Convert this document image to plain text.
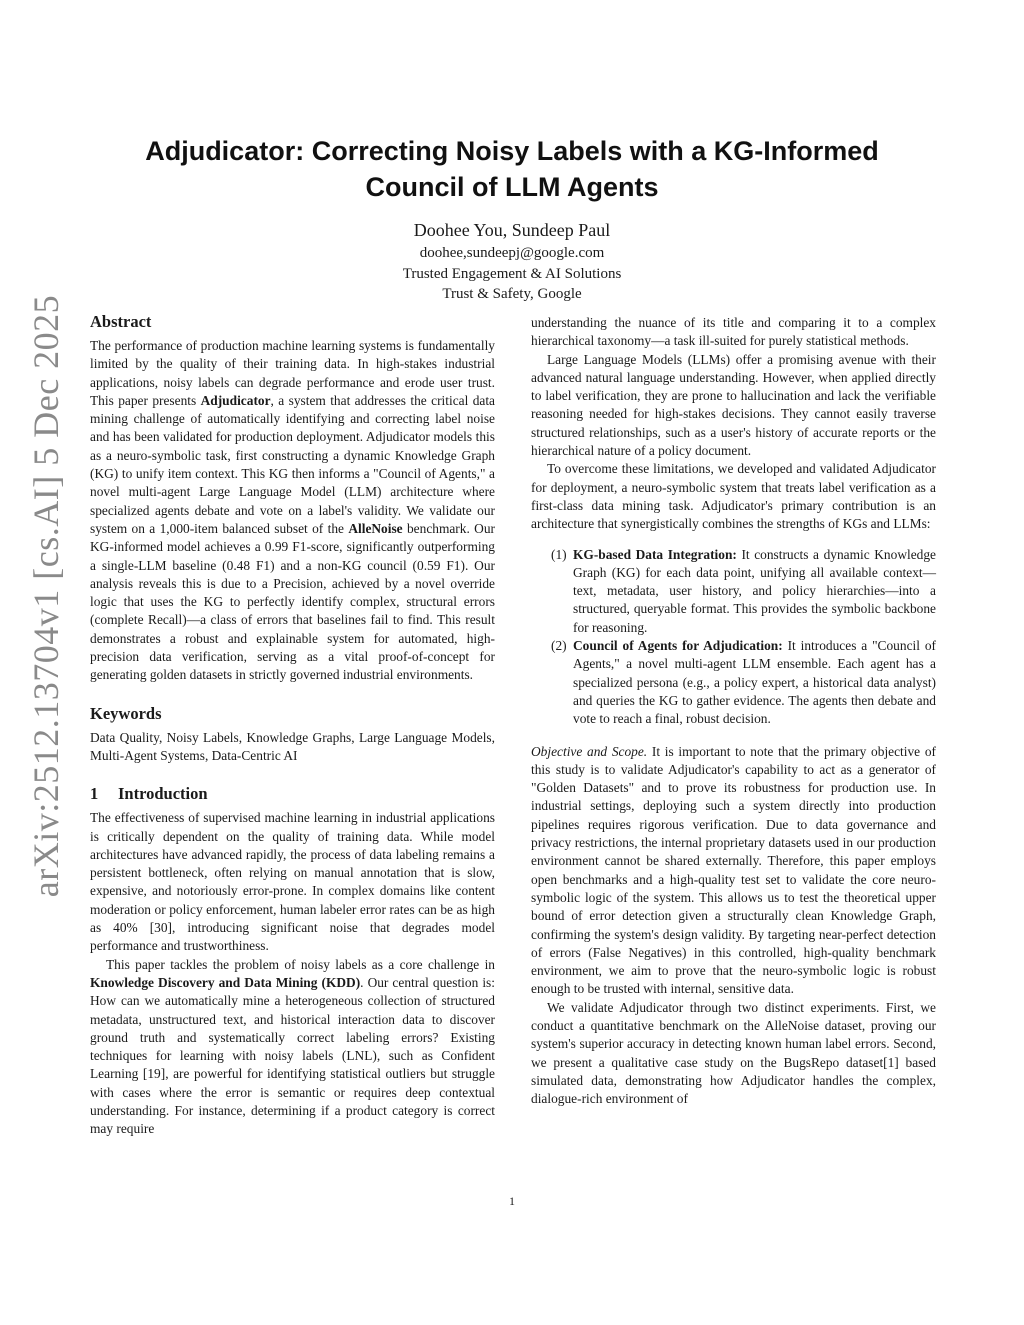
arXiv:2512.13704v1 [cs.AI] 5 Dec 2025
Adjudicator: Correcting Noisy Labels with a KG-Informed
Council of LLM Agents
Doohee You, Sundeep Paul
doohee,sundeepj@google.com
Trusted Engagement & AI Solutions
Trust & Safety, Google
Abstract

The performance of production machine learning systems is fundamentally limited by the quality of their training data. In high-stakes industrial applications, noisy labels can degrade performance and erode user trust. This paper presents Adjudicator, a system that addresses the critical data mining challenge of automatically identifying and correcting label noise and has been validated for production deployment. Adjudicator models this as a neuro-symbolic task, first constructing a dynamic Knowledge Graph (KG) to unify item context. This KG then informs a "Council of Agents," a novel multi-agent Large Language Model (LLM) architecture where specialized agents debate and vote on a label's validity. We validate our system on a 1,000-item balanced subset of the AlleNoise benchmark. Our KG-informed model achieves a 0.99 F1-score, significantly outperforming a single-LLM baseline (0.48 F1) and a non-KG council (0.59 F1). Our analysis reveals this is due to a Precision, achieved by a novel override logic that uses the KG to perfectly identify complex, structural errors (complete Recall)—a class of errors that baselines fail to find. This result demonstrates a robust and explainable system for automated, high-precision data verification, serving as a vital proof-of-concept for generating golden datasets in strictly governed industrial environments.

Keywords

Data Quality, Noisy Labels, Knowledge Graphs, Large Language Models, Multi-Agent Systems, Data-Centric AI

1 Introduction

The effectiveness of supervised machine learning in industrial applications is critically dependent on the quality of training data. While model architectures have advanced rapidly, the process of data labeling remains a persistent bottleneck, often relying on manual annotation that is slow, expensive, and notoriously error-prone. In complex domains like content moderation or policy enforcement, human labeler error rates can be as high as 40% [30], introducing significant noise that degrades model performance and trustworthiness.

This paper tackles the problem of noisy labels as a core challenge in Knowledge Discovery and Data Mining (KDD). Our central question is: How can we automatically mine a heterogeneous collection of structured metadata, unstructured text, and historical interaction data to discover ground truth and systematically correct labeling errors? Existing techniques for learning with noisy labels (LNL), such as Confident Learning [19], are powerful for identifying statistical outliers but struggle with cases where the error is semantic or requires deep contextual understanding. For instance, determining if a product category is correct may require

understanding the nuance of its title and comparing it to a complex hierarchical taxonomy—a task ill-suited for purely statistical methods.

Large Language Models (LLMs) offer a promising avenue with their advanced natural language understanding. However, when applied directly to label verification, they are prone to hallucination and lack the verifiable reasoning needed for high-stakes decisions. They cannot easily traverse structured relationships, such as a user's history of accurate reports or the hierarchical nature of a policy document.

To overcome these limitations, we developed and validated Adjudicator for deployment, a neuro-symbolic system that treats label verification as a first-class data mining task. Adjudicator's primary contribution is an architecture that synergistically combines the strengths of KGs and LLMs:

(1) KG-based Data Integration: It constructs a dynamic Knowledge Graph (KG) for each data point, unifying all available context—text, metadata, user history, and policy hierarchies—into a structured, queryable format. This provides the symbolic backbone for reasoning.
(2) Council of Agents for Adjudication: It introduces a "Council of Agents," a novel multi-agent LLM ensemble. Each agent has a specialized persona (e.g., a policy expert, a historical data analyst) and queries the KG to gather evidence. The agents then debate and vote to reach a final, robust decision.

Objective and Scope. It is important to note that the primary objective of this study is to validate Adjudicator's capability to act as a generator of "Golden Datasets" and to prove its robustness for production use. In industrial settings, deploying such a system directly into production pipelines requires rigorous verification. Due to data governance and privacy restrictions, the internal proprietary datasets used in our production environment cannot be shared externally. Therefore, this paper employs open benchmarks and a high-quality test set to validate the core neuro-symbolic logic of the system. This allows us to test the theoretical upper bound of error detection given a structurally clean Knowledge Graph, confirming the system's design validity. By targeting near-perfect detection of errors (False Negatives) in this controlled, high-quality benchmark environment, we aim to prove that the neuro-symbolic logic is robust enough to be trusted with internal, sensitive data.

We validate Adjudicator through two distinct experiments. First, we conduct a quantitative benchmark on the AlleNoise dataset, proving our system's superior accuracy in detecting known human label errors. Second, we present a qualitative case study on the BugsRepo dataset[1] based simulated data, demonstrating how Adjudicator handles the complex, dialogue-rich environment of

1
